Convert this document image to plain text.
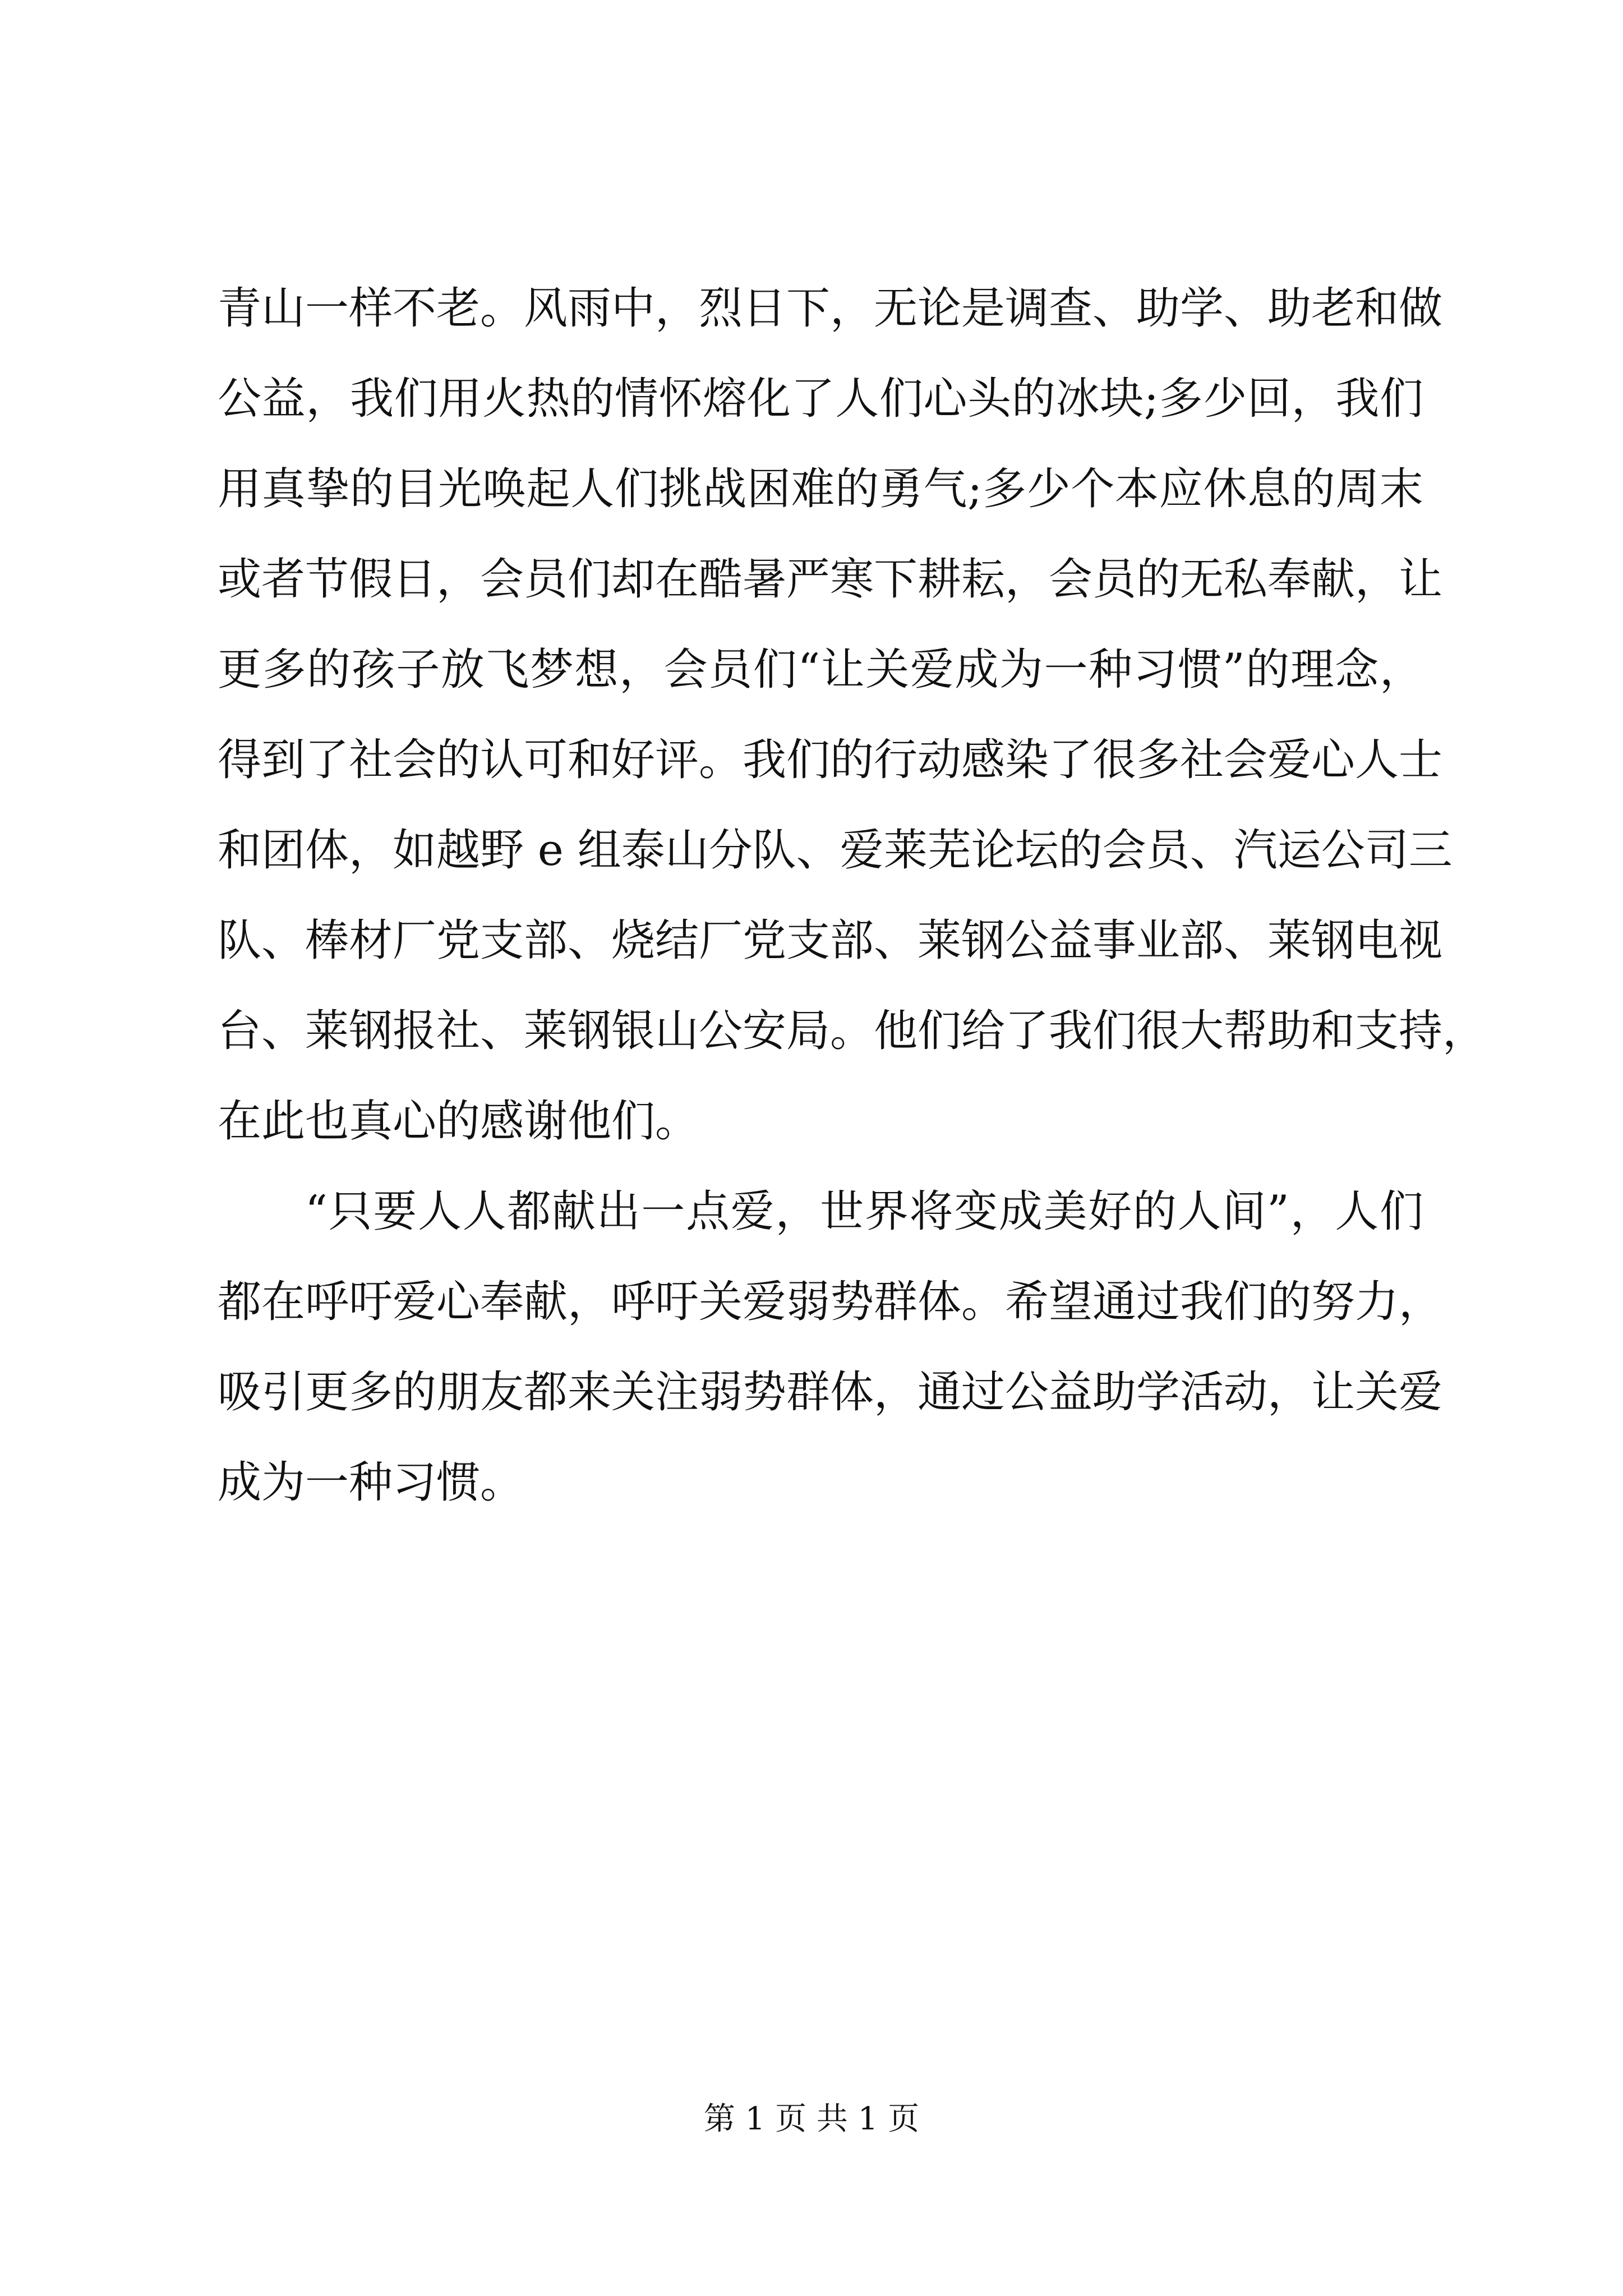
青山一样不老。风雨中，烈日下，无论是调查、助学、助老和做
公益，我们用火热的情怀熔化了人们心头的冰块;多少回，我们
用真挚的目光唤起人们挑战困难的勇气;多少个本应休息的周末
或者节假日，会员们却在酷暑严寒下耕耘，会员的无私奉献，让
更多的孩子放飞梦想，会员们“让关爱成为一种习惯”的理念，
得到了社会的认可和好评。我们的行动感染了很多社会爱心人士
和团体，如越野 e 组泰山分队、爱莱芜论坛的会员、汽运公司三
队、棒材厂党支部、烧结厂党支部、莱钢公益事业部、莱钢电视
台、莱钢报社、莱钢银山公安局。他们给了我们很大帮助和支持，
在此也真心的感谢他们。
“只要人人都献出一点爱，世界将变成美好的人间”，人们
都在呼吁爱心奉献，呼吁关爱弱势群体。希望通过我们的努力，
吸引更多的朋友都来关注弱势群体，通过公益助学活动，让关爱
成为一种习惯。
第 1 页 共 1 页
